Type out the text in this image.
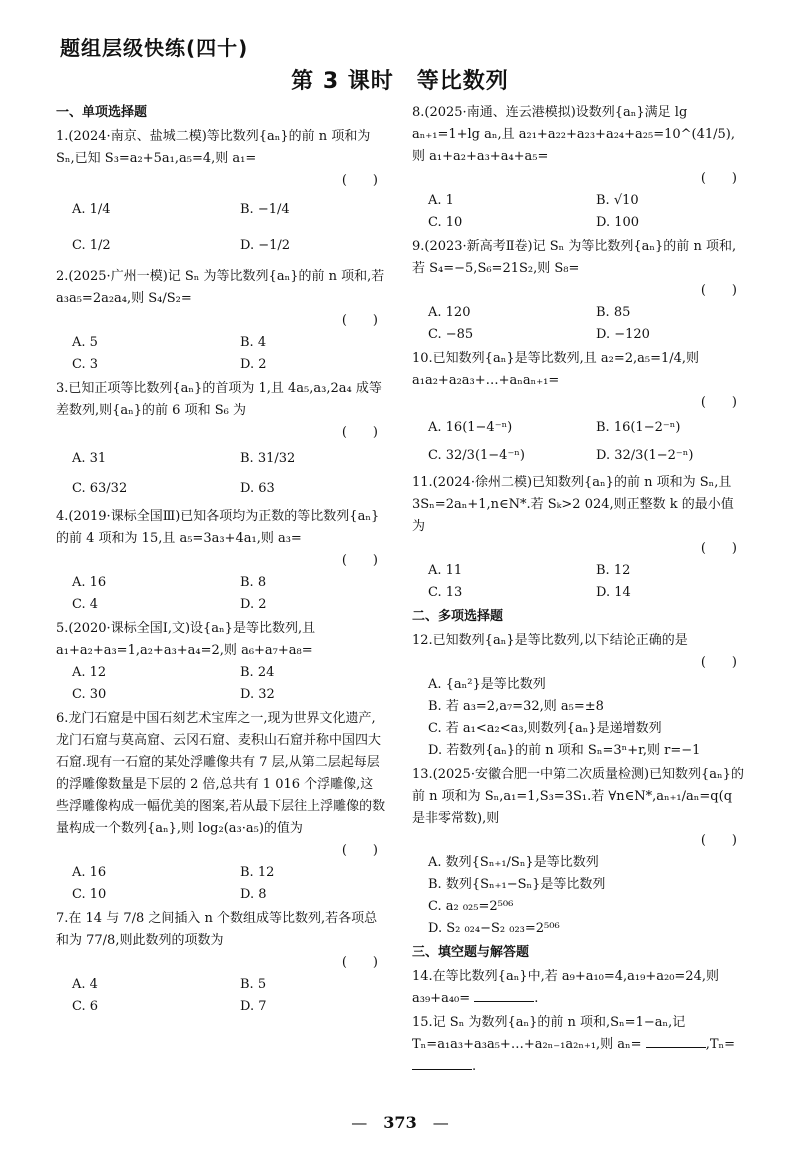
题组层级快练(四十)
第 3 课时　等比数列
一、单项选择题
1.(2024·南京、盐城二模)等比数列{aₙ}的前 n 项和为 Sₙ,已知 S₃=a₂+5a₁,a₅=4,则 a₁=
(　　)
A. 1/4	B. −1/4
C. 1/2	D. −1/2
2.(2025·广州一模)记 Sₙ 为等比数列{aₙ}的前 n 项和,若 a₃a₅=2a₂a₄,则 S₄/S₂=
(　　)
A. 5	B. 4
C. 3	D. 2
3.已知正项等比数列{aₙ}的首项为 1,且 4a₅,a₃,2a₄ 成等差数列,则{aₙ}的前 6 项和 S₆ 为
(　　)
A. 31	B. 31/32
C. 63/32	D. 63
4.(2019·课标全国Ⅲ)已知各项均为正数的等比数列{aₙ}的前 4 项和为 15,且 a₅=3a₃+4a₁,则 a₃=
(　　)
A. 16	B. 8
C. 4	D. 2
5.(2020·课标全国Ⅰ,文)设{aₙ}是等比数列,且 a₁+a₂+a₃=1,a₂+a₃+a₄=2,则 a₆+a₇+a₈=
A. 12	B. 24
C. 30	D. 32
6.龙门石窟是中国石刻艺术宝库之一,现为世界文化遗产,龙门石窟与莫高窟、云冈石窟、麦积山石窟并称中国四大石窟.现有一石窟的某处浮雕像共有 7 层,从第二层起每层的浮雕像数量是下层的 2 倍,总共有 1 016 个浮雕像,这些浮雕像构成一幅优美的图案,若从最下层往上浮雕像的数量构成一个数列{aₙ},则 log₂(a₃·a₅)的值为
(　　)
A. 16	B. 12
C. 10	D. 8
7.在 14 与 7/8 之间插入 n 个数组成等比数列,若各项总和为 77/8,则此数列的项数为
(　　)
A. 4	B. 5
C. 6	D. 7
8.(2025·南通、连云港模拟)设数列{aₙ}满足 lg aₙ₊₁=1+lg aₙ,且 a₂₁+a₂₂+a₂₃+a₂₄+a₂₅=10^(41/5),则 a₁+a₂+a₃+a₄+a₅=
(　　)
A. 1	B. √10
C. 10	D. 100
9.(2023·新高考Ⅱ卷)记 Sₙ 为等比数列{aₙ}的前 n 项和,若 S₄=−5,S₆=21S₂,则 S₈=
(　　)
A. 120	B. 85
C. −85	D. −120
10.已知数列{aₙ}是等比数列,且 a₂=2,a₅=1/4,则 a₁a₂+a₂a₃+…+aₙaₙ₊₁=
(　　)
A. 16(1−4⁻ⁿ)	B. 16(1−2⁻ⁿ)
C. 32/3(1−4⁻ⁿ)	D. 32/3(1−2⁻ⁿ)
11.(2024·徐州二模)已知数列{aₙ}的前 n 项和为 Sₙ,且 3Sₙ=2aₙ+1,n∈N*.若 Sₖ>2 024,则正整数 k 的最小值为
(　　)
A. 11	B. 12
C. 13	D. 14
二、多项选择题
12.已知数列{aₙ}是等比数列,以下结论正确的是
(　　)
A. {aₙ²}是等比数列
B. 若 a₃=2,a₇=32,则 a₅=±8
C. 若 a₁<a₂<a₃,则数列{aₙ}是递增数列
D. 若数列{aₙ}的前 n 项和 Sₙ=3ⁿ+r,则 r=−1
13.(2025·安徽合肥一中第二次质量检测)已知数列{aₙ}的前 n 项和为 Sₙ,a₁=1,S₃=3S₁.若 ∀n∈N*,aₙ₊₁/aₙ=q(q 是非零常数),则
(　　)
A. 数列{Sₙ₊₁/Sₙ}是等比数列
B. 数列{Sₙ₊₁−Sₙ}是等比数列
C. a₂ ₀₂₅=2⁵⁰⁶
D. S₂ ₀₂₄−S₂ ₀₂₃=2⁵⁰⁶
三、填空题与解答题
14.在等比数列{aₙ}中,若 a₉+a₁₀=4,a₁₉+a₂₀=24,则 a₃₉+a₄₀=	.
15.记 Sₙ 为数列{aₙ}的前 n 项和,Sₙ=1−aₙ,记 Tₙ=a₁a₃+a₃a₅+…+a₂ₙ₋₁a₂ₙ₊₁,则 aₙ=	,Tₙ=.
—　373　—
